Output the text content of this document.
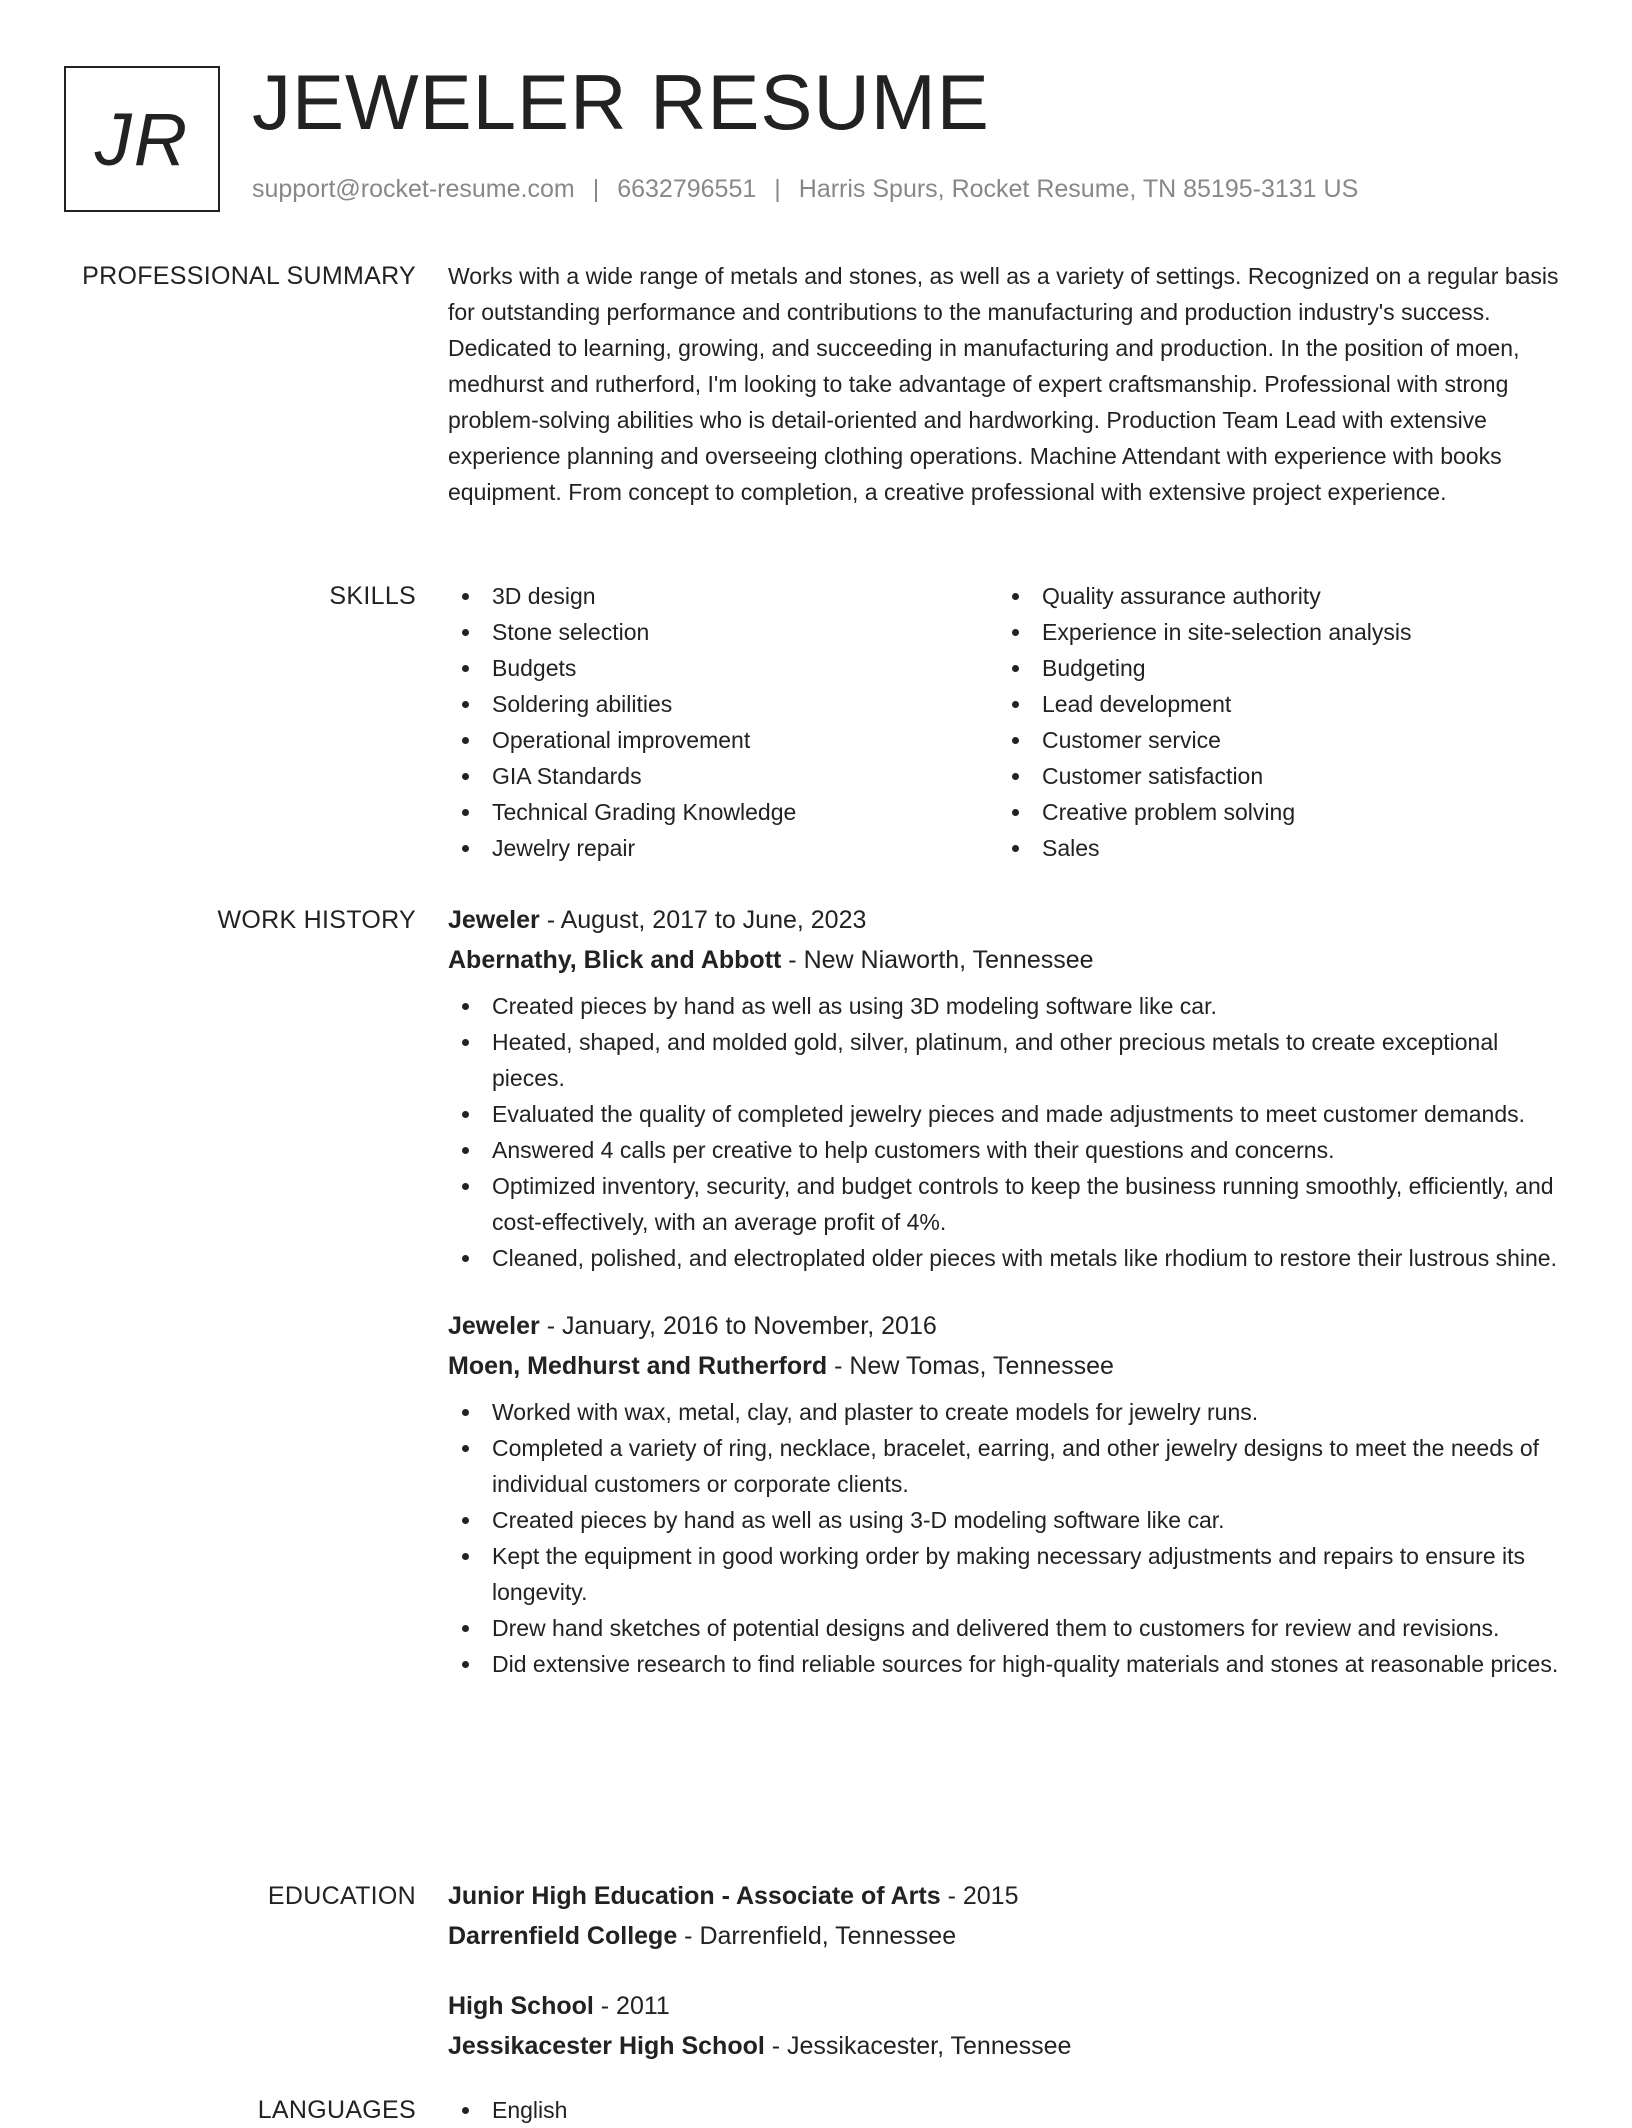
JR JEWELER RESUME
support@rocket-resume.com | 6632796551 | Harris Spurs, Rocket Resume, TN 85195-3131 US
PROFESSIONAL SUMMARY Works with a wide range of metals and stones, as well as a variety of settings. Recognized on a regular basis for outstanding performance and contributions to the manufacturing and production industry's success. Dedicated to learning, growing, and succeeding in manufacturing and production. In the position of moen, medhurst and rutherford, I'm looking to take advantage of expert craftsmanship. Professional with strong problem-solving abilities who is detail-oriented and hardworking. Production Team Lead with extensive experience planning and overseeing clothing operations. Machine Attendant with experience with books equipment. From concept to completion, a creative professional with extensive project experience.

SKILLS	3D design	Quality assurance authority
Stone selection	Experience in site-selection analysis
Budgets	Budgeting
Soldering abilities	Lead development
Operational improvement	Customer service
GIA Standards	Customer satisfaction
Technical Grading Knowledge	Creative problem solving
Jewelry repair	Sales
WORK HISTORY Jeweler - August, 2017 to June, 2023
Abernathy, Blick and Abbott - New Niaworth, Tennessee
Created pieces by hand as well as using 3D modeling software like car.
Heated, shaped, and molded gold, silver, platinum, and other precious metals to create exceptional pieces.
Evaluated the quality of completed jewelry pieces and made adjustments to meet customer demands.
Answered 4 calls per creative to help customers with their questions and concerns.
Optimized inventory, security, and budget controls to keep the business running smoothly, efficiently, and cost-effectively, with an average profit of 4%.
Cleaned, polished, and electroplated older pieces with metals like rhodium to restore their lustrous shine.
Jeweler - January, 2016 to November, 2016
Moen, Medhurst and Rutherford - New Tomas, Tennessee
Worked with wax, metal, clay, and plaster to create models for jewelry runs.
Completed a variety of ring, necklace, bracelet, earring, and other jewelry designs to meet the needs of individual customers or corporate clients.
Created pieces by hand as well as using 3-D modeling software like car.
Kept the equipment in good working order by making necessary adjustments and repairs to ensure its longevity.
Drew hand sketches of potential designs and delivered them to customers for review and revisions.
Did extensive research to find reliable sources for high-quality materials and stones at reasonable prices.
EDUCATION Junior High Education - Associate of Arts - 2015
Darrenfield College - Darrenfield, Tennessee
High School - 2011
Jessikacester High School - Jessikacester, Tennessee
LANGUAGES	English
